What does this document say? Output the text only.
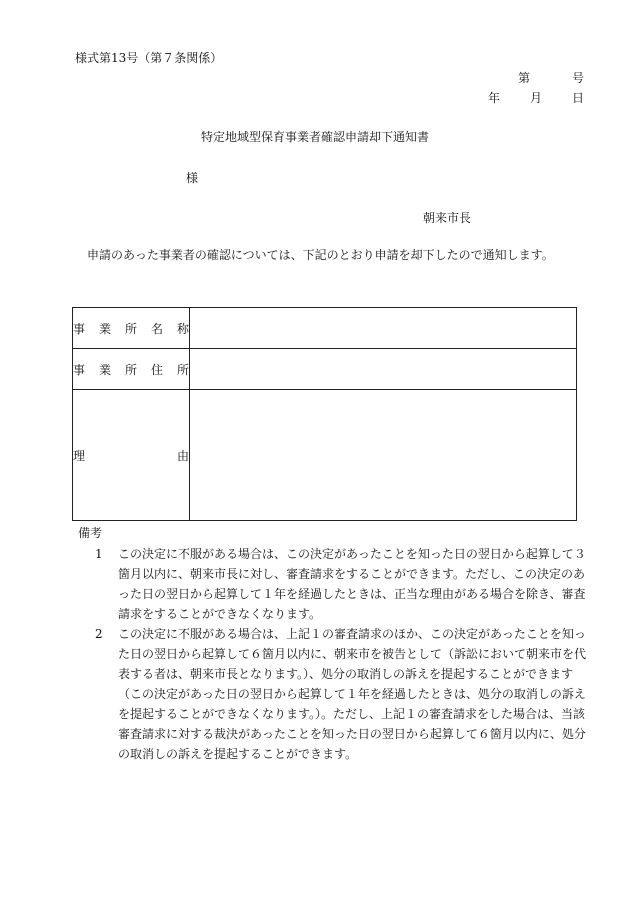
様式第13号（第７条関係）
第	号
年 月 日
特定地域型保育事業者確認申請却下通知書
様
朝来市長
　申請のあった事業者の確認については、下記のとおり申請を却下したので通知します。
事 業 所 名 称	

事 業 所 住 所	

理 由	

備考
1	この決定に不服がある場合は、この決定があったことを知った日の翌日から起算して３箇月以内に、朝来市長に対し、審査請求をすることができます。ただし、この決定のあった日の翌日から起算して１年を経過したときは、正当な理由がある場合を除き、審査請求をすることができなくなります。
2	この決定に不服がある場合は、上記１の審査請求のほか、この決定があったことを知った日の翌日から起算して６箇月以内に、朝来市を被告として（訴訟において朝来市を代表する者は、朝来市長となります。）、処分の取消しの訴えを提起することができます（この決定があった日の翌日から起算して１年を経過したときは、処分の取消しの訴えを提起することができなくなります。）。ただし、上記１の審査請求をした場合は、当該審査請求に対する裁決があったことを知った日の翌日から起算して６箇月以内に、処分の取消しの訴えを提起することができます。
